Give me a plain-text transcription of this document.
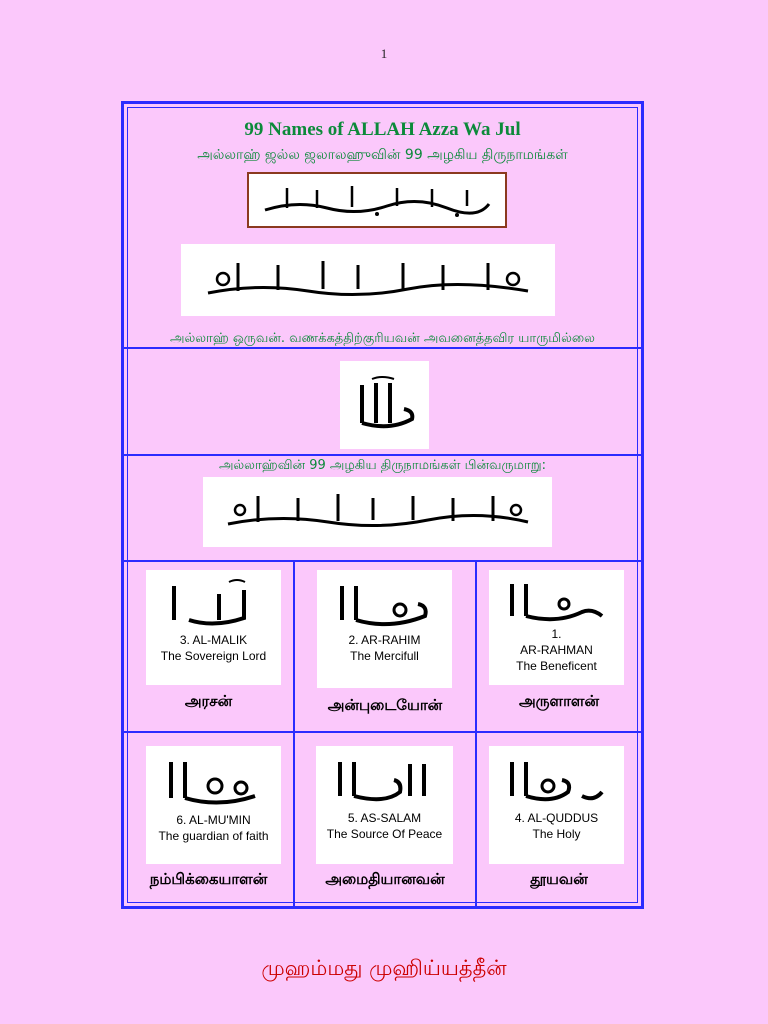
1
99 Names of ALLAH Azza Wa Jul
அல்லாஹ் ஜல்ல ஜலாலஹுவின் 99 அழகிய திருநாமங்கள்
அல்லாஹ் ஒருவன். வணக்கத்திற்குரியவன் அவனைத்தவிர யாருமில்லை
அல்லாஹ்வின் 99 அழகிய திருநாமங்கள் பின்வருமாறு:
3. AL-MALIK
The Sovereign Lord
அரசன்
2. AR-RAHIM
The Mercifull
அன்புடையோன்
1.
AR-RAHMAN
The Beneficent
அருளாளன்
6. AL-MU'MIN
The guardian of faith
நம்பிக்கையாளன்
5. AS-SALAM
The Source Of Peace
அமைதியானவன்
4. AL-QUDDUS
The Holy
தூயவன்
முஹம்மது முஹிய்யத்தீன்
